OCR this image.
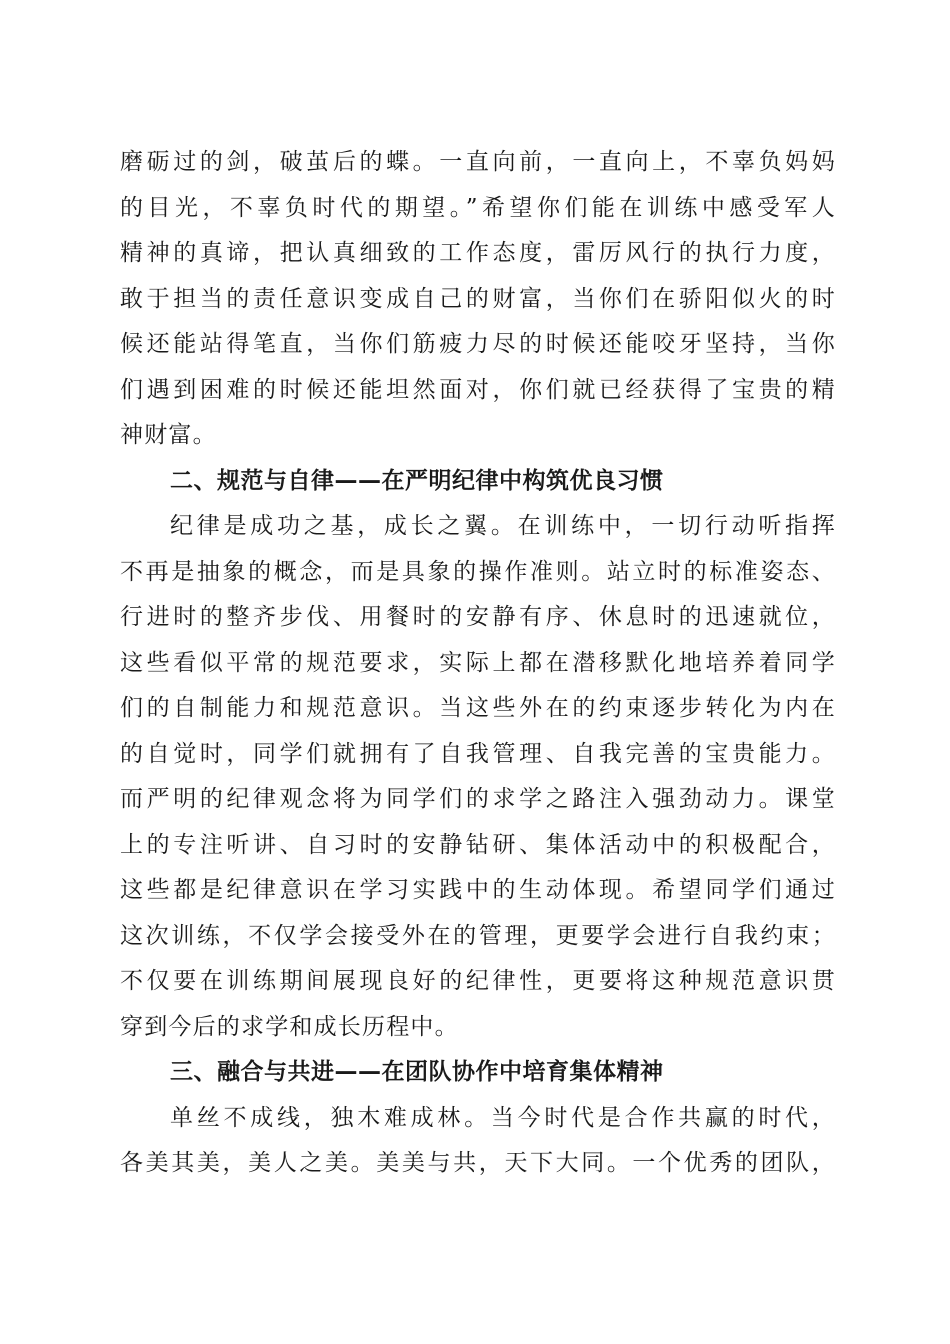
磨砺过的剑，破茧后的蝶。一直向前，一直向上，不辜负妈妈
的目光，不辜负时代的期望。”希望你们能在训练中感受军人
精神的真谛，把认真细致的工作态度，雷厉风行的执行力度，
敢于担当的责任意识变成自己的财富，当你们在骄阳似火的时
候还能站得笔直，当你们筋疲力尽的时候还能咬牙坚持，当你
们遇到困难的时候还能坦然面对，你们就已经获得了宝贵的精
神财富。
二、规范与自律——在严明纪律中构筑优良习惯
纪律是成功之基，成长之翼。在训练中，一切行动听指挥
不再是抽象的概念，而是具象的操作准则。站立时的标准姿态、
行进时的整齐步伐、用餐时的安静有序、休息时的迅速就位，
这些看似平常的规范要求，实际上都在潜移默化地培养着同学
们的自制能力和规范意识。当这些外在的约束逐步转化为内在
的自觉时，同学们就拥有了自我管理、自我完善的宝贵能力。
而严明的纪律观念将为同学们的求学之路注入强劲动力。课堂
上的专注听讲、自习时的安静钻研、集体活动中的积极配合，
这些都是纪律意识在学习实践中的生动体现。希望同学们通过
这次训练，不仅学会接受外在的管理，更要学会进行自我约束；
不仅要在训练期间展现良好的纪律性，更要将这种规范意识贯
穿到今后的求学和成长历程中。
三、融合与共进——在团队协作中培育集体精神
单丝不成线，独木难成林。当今时代是合作共赢的时代，
各美其美，美人之美。美美与共，天下大同。一个优秀的团队，
